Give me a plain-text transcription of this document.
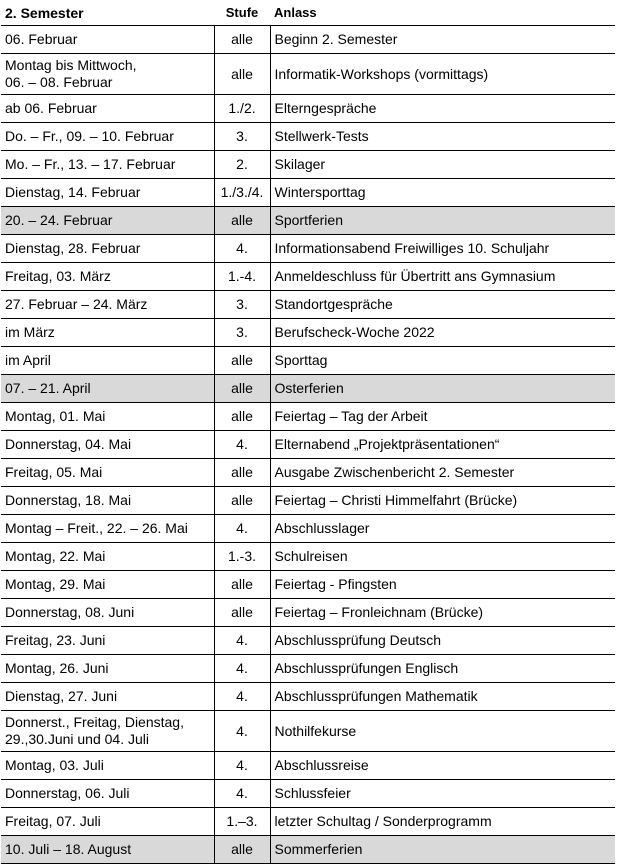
2. Semester	Stufe	Anlass
06. Februar	alle	Beginn 2. Semester

Montag bis Mittwoch,
06. – 08. Februar	alle	Informatik-Workshops (vormittags)
ab 06. Februar	1./2.	Elterngespräche
Do. – Fr., 09. – 10. Februar	3.	Stellwerk-Tests
Mo. – Fr., 13. – 17. Februar	2.	Skilager
Dienstag, 14. Februar	1./3./4.	Wintersporttag
20. – 24. Februar	alle	Sportferien
Dienstag, 28. Februar	4.	Informationsabend Freiwilliges 10. Schuljahr
Freitag, 03. März	1.-4.	Anmeldeschluss für Übertritt ans Gymnasium
27. Februar – 24. März	3.	Standortgespräche
im März	3.	Berufscheck-Woche 2022
im April	alle	Sporttag
07. – 21. April	alle	Osterferien
Montag, 01. Mai	alle	Feiertag – Tag der Arbeit
Donnerstag, 04. Mai	4.	Elternabend „Projektpräsentationen“
Freitag, 05. Mai	alle	Ausgabe Zwischenbericht 2. Semester
Donnerstag, 18. Mai	alle	Feiertag – Christi Himmelfahrt (Brücke)
Montag – Freit., 22. – 26. Mai	4.	Abschlusslager
Montag, 22. Mai	1.-3.	Schulreisen
Montag, 29. Mai	alle	Feiertag - Pfingsten
Donnerstag, 08. Juni	alle	Feiertag – Fronleichnam (Brücke)
Freitag, 23. Juni	4.	Abschlussprüfung Deutsch
Montag, 26. Juni	4.	Abschlussprüfungen Englisch
Dienstag, 27. Juni	4.	Abschlussprüfungen Mathematik

Donnerst., Freitag, Dienstag,
29.,30.Juni und 04. Juli	4.	Nothilfekurse
Montag, 03. Juli	4.	Abschlussreise
Donnerstag, 06. Juli	4.	Schlussfeier
Freitag, 07. Juli	1.–3.	letzter Schultag / Sonderprogramm
10. Juli – 18. August	alle	Sommerferien
